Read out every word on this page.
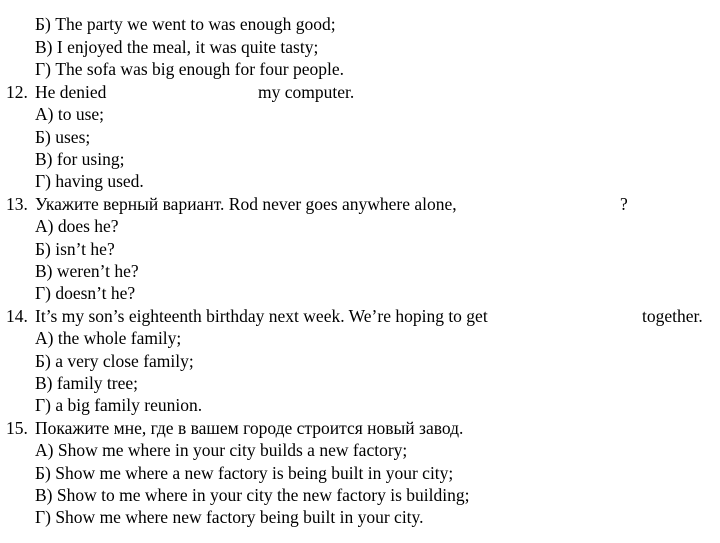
Б) The party we went to was enough good;
В) I enjoyed the meal, it was quite tasty;
Г) The sofa was big enough for four people.
12. He denied	my computer.
А) to use;
Б) uses;
В) for using;
Г) having used.
13. Укажите верный вариант. Rod never goes anywhere alone,	?
А) does he?
Б) isn’t he?
В) weren’t he?
Г) doesn’t he?
14. It’s my son’s eighteenth birthday next week. We’re hoping to get	together.
А) the whole family;
Б) a very close family;
В) family tree;
Г) a big family reunion.
15. Покажите мне, где в вашем городе строится новый завод.
А) Show me where in your city builds a new factory;
Б) Show me where a new factory is being built in your city;
В) Show to me where in your city the new factory is building;
Г) Show me where new factory being built in your city.
